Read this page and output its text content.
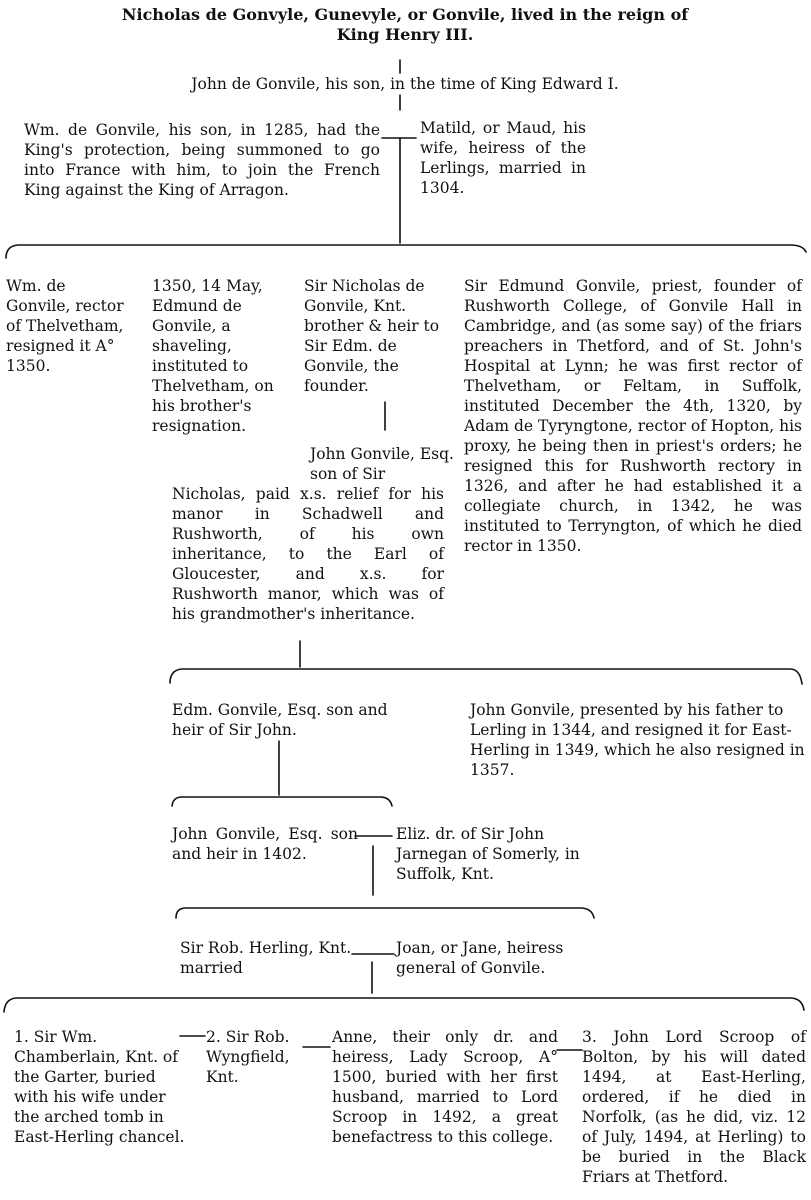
Nicholas de Gonvyle, Gunevyle, or Gonvile, lived in the reign of
King Henry III.
John de Gonvile, his son, in the time of King Edward I.
Wm. de Gonvile, his son, in 1285, had the King's protection, being summoned to go into France with him, to join the French King against the King of Arragon.
Matild, or Maud, his wife, heiress of the Lerlings, married in 1304.
Wm. de Gonvile, rector of Thelvetham, resigned it A° 1350.
1350, 14 May, Edmund de Gonvile, a shaveling, instituted to Thelvetham, on his brother's resignation.
Sir Nicholas de Gonvile, Knt. brother & heir to Sir Edm. de Gonvile, the founder.
Sir Edmund Gonvile, priest, founder of Rushworth College, of Gonvile Hall in Cambridge, and (as some say) of the friars preachers in Thetford, and of St. John's Hospital at Lynn; he was first rector of Thelvetham, or Feltam, in Suffolk, instituted December the 4th, 1320, by Adam de Tyryngtone, rector of Hopton, his proxy, he being then in priest's orders; he resigned this for Rushworth rectory in 1326, and after he had established it a collegiate church, in 1342, he was instituted to Terryngton, of which he died rector in 1350.
John Gonvile, Esq. son of Sir
Nicholas, paid x.s. relief for his manor in Schadwell and Rushworth, of his own inheritance, to the Earl of Gloucester, and x.s. for Rushworth manor, which was of his grandmother's inheritance.
Edm. Gonvile, Esq. son and heir of Sir John.
John Gonvile, presented by his father to Lerling in 1344, and resigned it for East-Herling in 1349, which he also resigned in 1357.
John Gonvile, Esq. son and heir in 1402.
Eliz. dr. of Sir John Jarnegan of Somerly, in Suffolk, Knt.
Sir Rob. Herling, Knt. married
Joan, or Jane, heiress general of Gonvile.
1. Sir Wm. Chamberlain, Knt. of the Garter, buried with his wife under the arched tomb in East-Herling chancel.
2. Sir Rob. Wyngfield, Knt.
Anne, their only dr. and heiress, Lady Scroop, A° 1500, buried with her first husband, married to Lord Scroop in 1492, a great benefactress to this college.
3. John Lord Scroop of Bolton, by his will dated 1494, at East-Herling, ordered, if he died in Norfolk, (as he did, viz. 12 of July, 1494, at Herling) to be buried in the Black Friars at Thetford.
